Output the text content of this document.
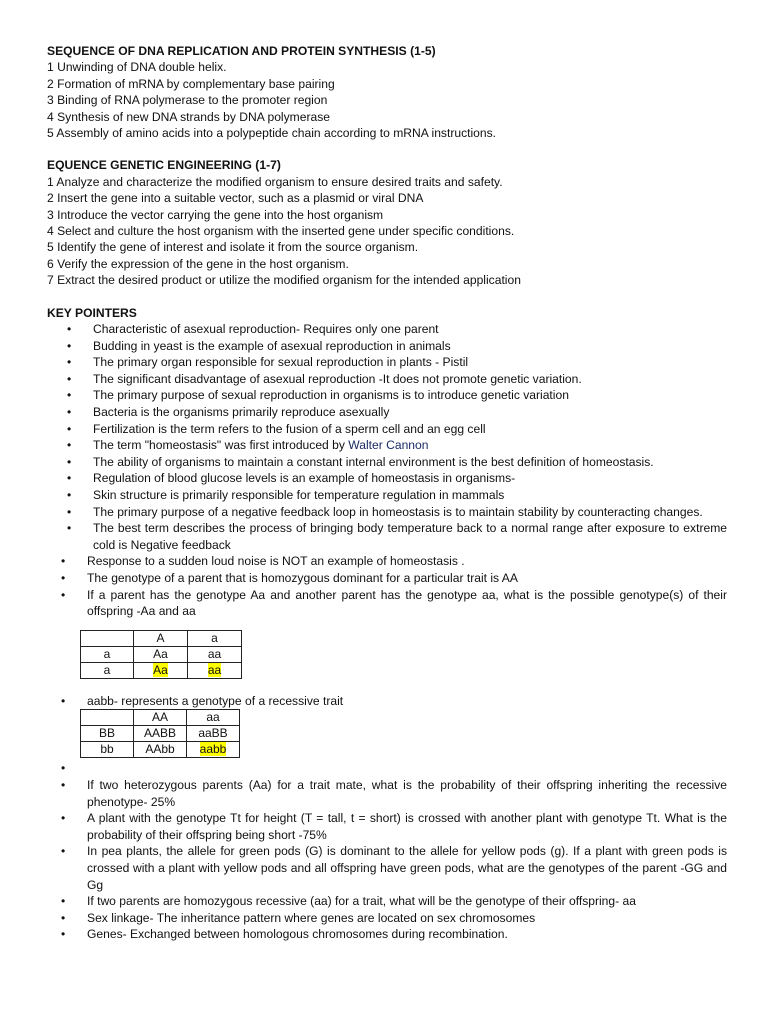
SEQUENCE OF DNA REPLICATION AND PROTEIN SYNTHESIS (1-5)
1 Unwinding of DNA double helix.
2 Formation of mRNA by complementary base pairing
3 Binding of RNA polymerase to the promoter region
4 Synthesis of new DNA strands by DNA polymerase
5 Assembly of amino acids into a polypeptide chain according to mRNA instructions.
EQUENCE GENETIC ENGINEERING (1-7)
1 Analyze and characterize the modified organism to ensure desired traits and safety.
2 Insert the gene into a suitable vector, such as a plasmid or viral DNA
3 Introduce the vector carrying the gene into the host organism
4 Select and culture the host organism with the inserted gene under specific conditions.
5 Identify the gene of interest and isolate it from the source organism.
6 Verify the expression of the gene in the host organism.
7 Extract the desired product or utilize the modified organism for the intended application
KEY POINTERS
• Characteristic of asexual reproduction- Requires only one parent
• Budding in yeast is the example of asexual reproduction in animals
• The primary organ responsible for sexual reproduction in plants - Pistil
• The significant disadvantage of asexual reproduction -It does not promote genetic variation.
• The primary purpose of sexual reproduction in organisms is to introduce genetic variation
• Bacteria is the organisms primarily reproduce asexually
• Fertilization is the term refers to the fusion of a sperm cell and an egg cell
• The term "homeostasis" was first introduced by Walter Cannon
• The ability of organisms to maintain a constant internal environment is the best definition of homeostasis.
• Regulation of blood glucose levels is an example of homeostasis in organisms-
• Skin structure is primarily responsible for temperature regulation in mammals
• The primary purpose of a negative feedback loop in homeostasis is to maintain stability by counteracting changes.
• The best term describes the process of bringing body temperature back to a normal range after exposure to extreme cold is Negative feedback
• Response to a sudden loud noise is NOT an example of homeostasis .
• The genotype of a parent that is homozygous dominant for a particular trait is AA
• If a parent has the genotype Aa and another parent has the genotype aa, what is the possible genotype(s) of their offspring -Aa and aa
	A	a
a	Aa	aa
a	Aa	aa
• aabb- represents a genotype of a recessive trait
	AA	aa
BB	AABB	aaBB
bb	AAbb	aabb
•

• If two heterozygous parents (Aa) for a trait mate, what is the probability of their offspring inheriting the recessive phenotype- 25%
• A plant with the genotype Tt for height (T = tall, t = short) is crossed with another plant with genotype Tt. What is the probability of their offspring being short -75%
• In pea plants, the allele for green pods (G) is dominant to the allele for yellow pods (g). If a plant with green pods is crossed with a plant with yellow pods and all offspring have green pods, what are the genotypes of the parent -GG and Gg
• If two parents are homozygous recessive (aa) for a trait, what will be the genotype of their offspring- aa
• Sex linkage- The inheritance pattern where genes are located on sex chromosomes
• Genes- Exchanged between homologous chromosomes during recombination.
